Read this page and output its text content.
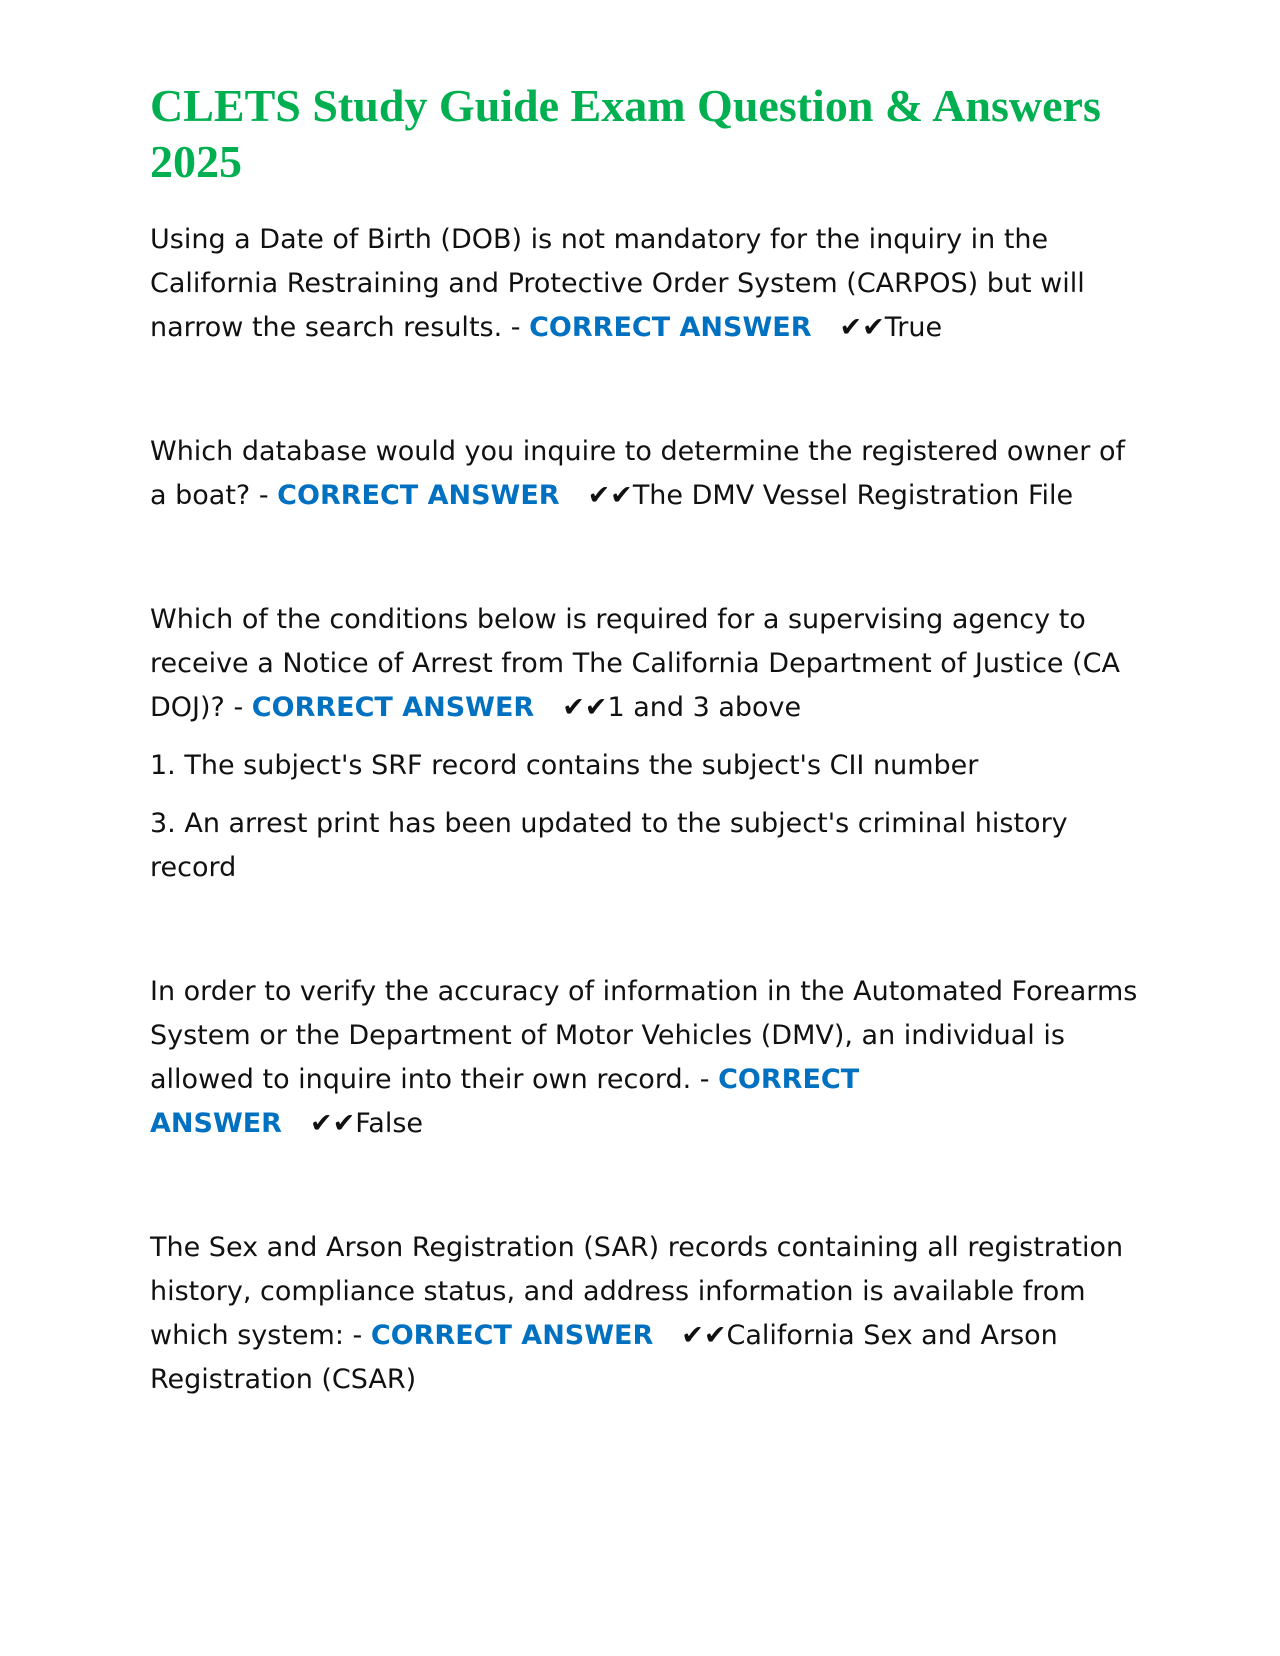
CLETS Study Guide Exam Question & Answers 2025

Using a Date of Birth (DOB) is not mandatory for the inquiry in the California Restraining and Protective Order System (CARPOS) but will narrow the search results. - CORRECT ANSWER ✔✔True

Which database would you inquire to determine the registered owner of a boat? - CORRECT ANSWER ✔✔The DMV Vessel Registration File

Which of the conditions below is required for a supervising agency to receive a Notice of Arrest from The California Department of Justice (CA DOJ)? - CORRECT ANSWER ✔✔1 and 3 above

1. The subject's SRF record contains the subject's CII number

3. An arrest print has been updated to the subject's criminal history record

In order to verify the accuracy of information in the Automated Forearms System or the Department of Motor Vehicles (DMV), an individual is allowed to inquire into their own record. - CORRECT ANSWER ✔✔False

The Sex and Arson Registration (SAR) records containing all registration history, compliance status, and address information is available from which system: - CORRECT ANSWER ✔✔California Sex and Arson Registration (CSAR)
